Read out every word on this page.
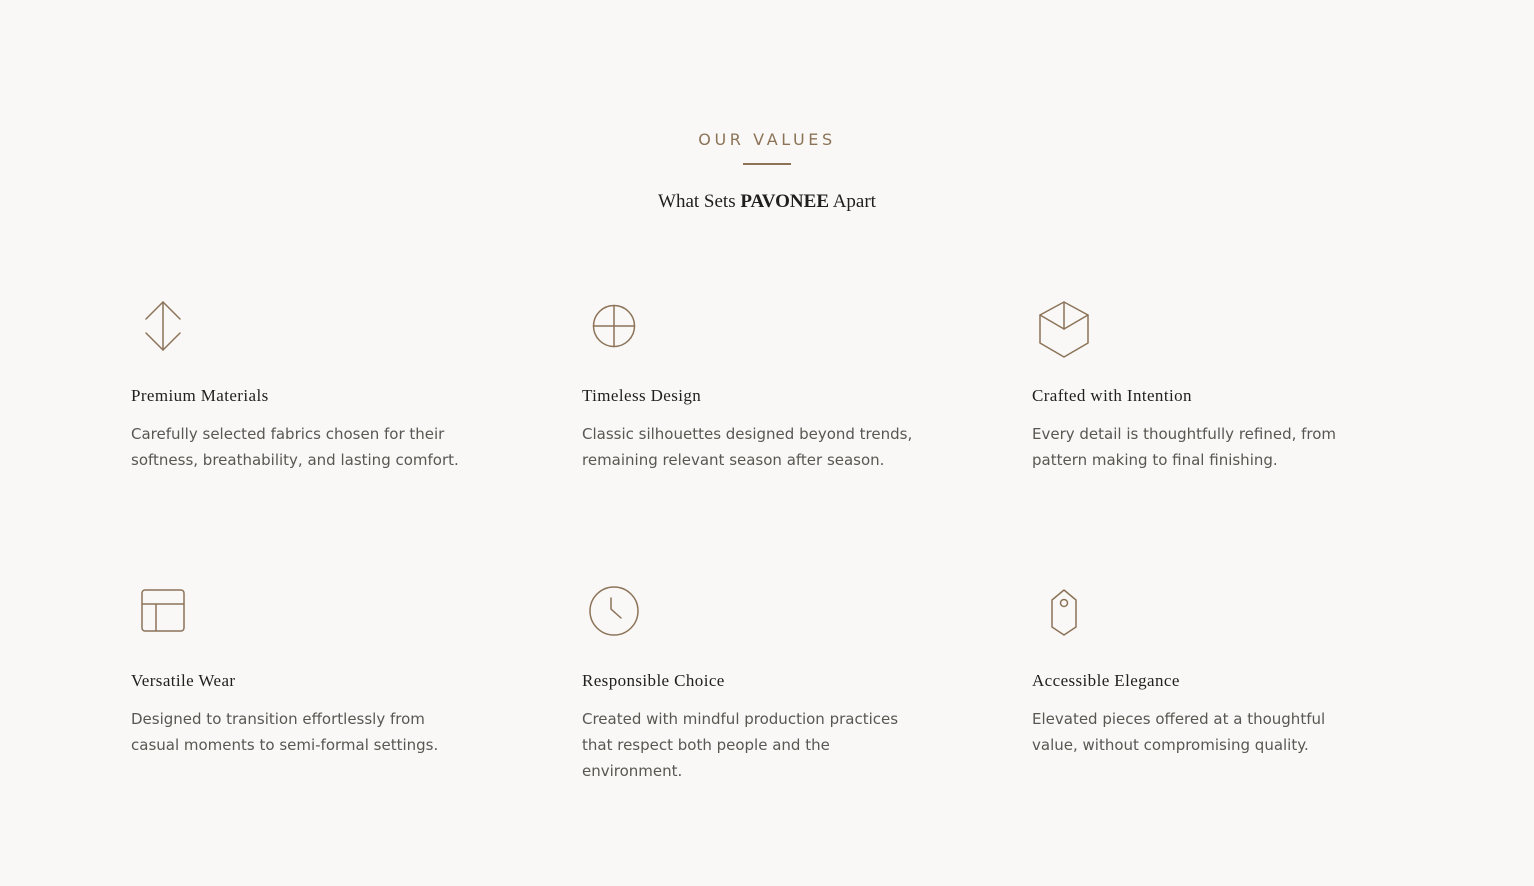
OUR VALUES
What Sets PAVONEE Apart
Premium Materials

Carefully selected fabrics chosen for their softness, breathability, and lasting comfort.

Timeless Design

Classic silhouettes designed beyond trends, remaining relevant season after season.

Crafted with Intention

Every detail is thoughtfully refined, from pattern making to final finishing.

Versatile Wear

Designed to transition effortlessly from casual moments to semi-formal settings.

Responsible Choice

Created with mindful production practices that respect both people and the environment.

Accessible Elegance

Elevated pieces offered at a thoughtful value, without compromising quality.
